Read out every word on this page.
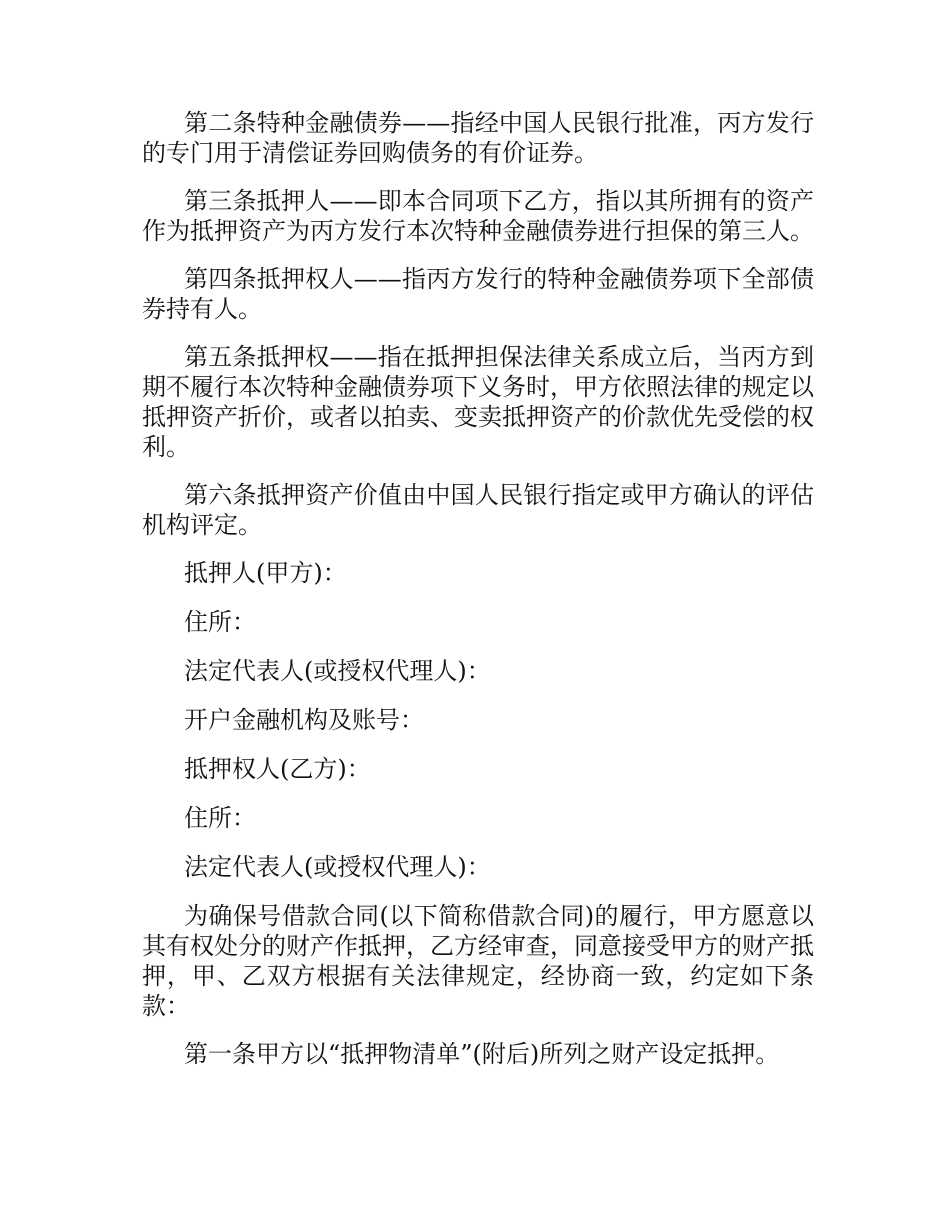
第二条特种金融债券——指经中国人民银行批准，丙方发行的专门用于清偿证券回购债务的有价证券。

第三条抵押人——即本合同项下乙方，指以其所拥有的资产作为抵押资产为丙方发行本次特种金融债券进行担保的第三人。

第四条抵押权人——指丙方发行的特种金融债券项下全部债券持有人。

第五条抵押权——指在抵押担保法律关系成立后，当丙方到期不履行本次特种金融债券项下义务时，甲方依照法律的规定以抵押资产折价，或者以拍卖、变卖抵押资产的价款优先受偿的权利。

第六条抵押资产价值由中国人民银行指定或甲方确认的评估机构评定。

抵押人(甲方)：

住所：

法定代表人(或授权代理人)：

开户金融机构及账号：

抵押权人(乙方)：

住所：

法定代表人(或授权代理人)：

为确保号借款合同(以下简称借款合同)的履行，甲方愿意以其有权处分的财产作抵押，乙方经审查，同意接受甲方的财产抵押，甲、乙双方根据有关法律规定，经协商一致，约定如下条款：

第一条甲方以“抵押物清单”(附后)所列之财产设定抵押。
